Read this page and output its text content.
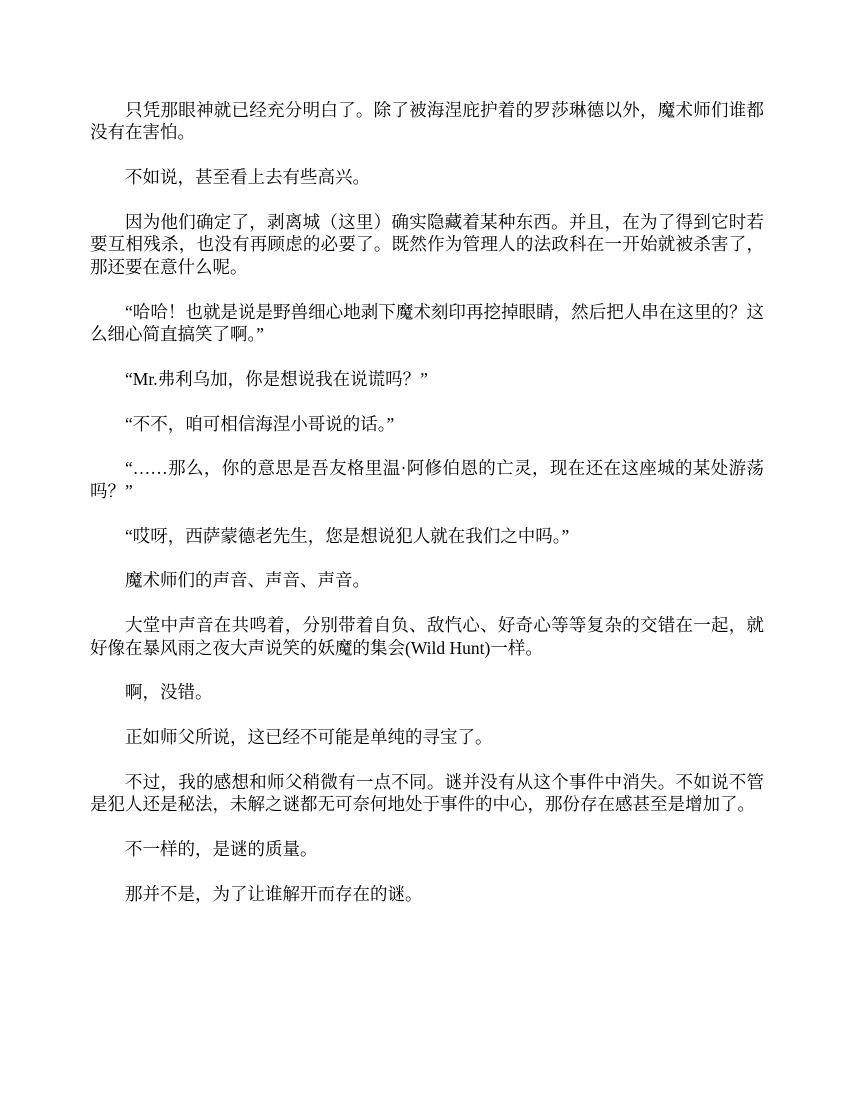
只凭那眼神就已经充分明白了。除了被海涅庇护着的罗莎琳德以外，魔术师们谁都没有在害怕。

不如说，甚至看上去有些高兴。

因为他们确定了，剥离城（这里）确实隐藏着某种东西。并且，在为了得到它时若要互相残杀，也没有再顾虑的必要了。既然作为管理人的法政科在一开始就被杀害了，那还要在意什么呢。

“哈哈！也就是说是野兽细心地剥下魔术刻印再挖掉眼睛，然后把人串在这里的？这么细心简直搞笑了啊。”

“Mr.弗利乌加，你是想说我在说谎吗？”

“不不，咱可相信海涅小哥说的话。”

“……那么，你的意思是吾友格里温·阿修伯恩的亡灵，现在还在这座城的某处游荡吗？”

“哎呀，西萨蒙德老先生，您是想说犯人就在我们之中吗。”

魔术师们的声音、声音、声音。

大堂中声音在共鸣着，分别带着自负、敌忾心、好奇心等等复杂的交错在一起，就好像在暴风雨之夜大声说笑的妖魔的集会(Wild Hunt)一样。

啊，没错。

正如师父所说，这已经不可能是单纯的寻宝了。

不过，我的感想和师父稍微有一点不同。谜并没有从这个事件中消失。不如说不管是犯人还是秘法，未解之谜都无可奈何地处于事件的中心，那份存在感甚至是增加了。

不一样的，是谜的质量。

那并不是，为了让谁解开而存在的谜。
